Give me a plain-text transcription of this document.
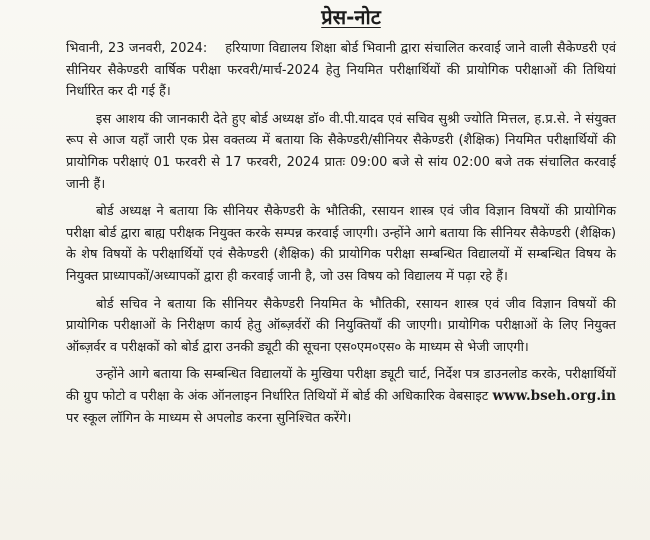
प्रेस-नोट

भिवानी, 23 जनवरी, 2024: हरियाणा विद्यालय शिक्षा बोर्ड भिवानी द्वारा संचालित करवाई जाने वाली सैकेण्डरी एवं सीनियर सैकेण्डरी वार्षिक परीक्षा फरवरी/मार्च-2024 हेतु नियमित परीक्षार्थियों की प्रायोगिक परीक्षाओं की तिथियां निर्धारित कर दी गई हैं।

इस आशय की जानकारी देते हुए बोर्ड अध्यक्ष डॉ० वी.पी.यादव एवं सचिव सुश्री ज्योति मित्तल, ह.प्र.से. ने संयुक्त रूप से आज यहाँ जारी एक प्रेस वक्तव्य में बताया कि सैकेण्डरी/सीनियर सैकेण्डरी (शैक्षिक) नियमित परीक्षार्थियों की प्रायोगिक परीक्षाएं 01 फरवरी से 17 फरवरी, 2024 प्रातः 09:00 बजे से सांय 02:00 बजे तक संचालित करवाई जानी हैं।

बोर्ड अध्यक्ष ने बताया कि सीनियर सैकेण्डरी के भौतिकी, रसायन शास्त्र एवं जीव विज्ञान विषयों की प्रायोगिक परीक्षा बोर्ड द्वारा बाह्य परीक्षक नियुक्त करके सम्पन्न करवाई जाएगी। उन्होंने आगे बताया कि सीनियर सैकेण्डरी (शैक्षिक) के शेष विषयों के परीक्षार्थियों एवं सैकेण्डरी (शैक्षिक) की प्रायोगिक परीक्षा सम्बन्धित विद्यालयों में सम्बन्धित विषय के नियुक्त प्राध्यापकों/अध्यापकों द्वारा ही करवाई जानी है, जो उस विषय को विद्यालय में पढ़ा रहे हैं।

बोर्ड सचिव ने बताया कि सीनियर सैकेण्डरी नियमित के भौतिकी, रसायन शास्त्र एवं जीव विज्ञान विषयों की प्रायोगिक परीक्षाओं के निरीक्षण कार्य हेतु ऑब्ज़र्वरों की नियुक्तियाँ की जाएगी। प्रायोगिक परीक्षाओं के लिए नियुक्त ऑब्ज़र्वर व परीक्षकों को बोर्ड द्वारा उनकी ड्यूटी की सूचना एस०एम०एस० के माध्यम से भेजी जाएगी।

उन्होंने आगे बताया कि सम्बन्धित विद्यालयों के मुखिया परीक्षा ड्यूटी चार्ट, निर्देश पत्र डाउनलोड करके, परीक्षार्थियों की ग्रुप फोटो व परीक्षा के अंक ऑनलाइन निर्धारित तिथियों में बोर्ड की अधिकारिक वेबसाइट www.bseh.org.in पर स्कूल लॉगिन के माध्यम से अपलोड करना सुनिश्चित करेंगे।
